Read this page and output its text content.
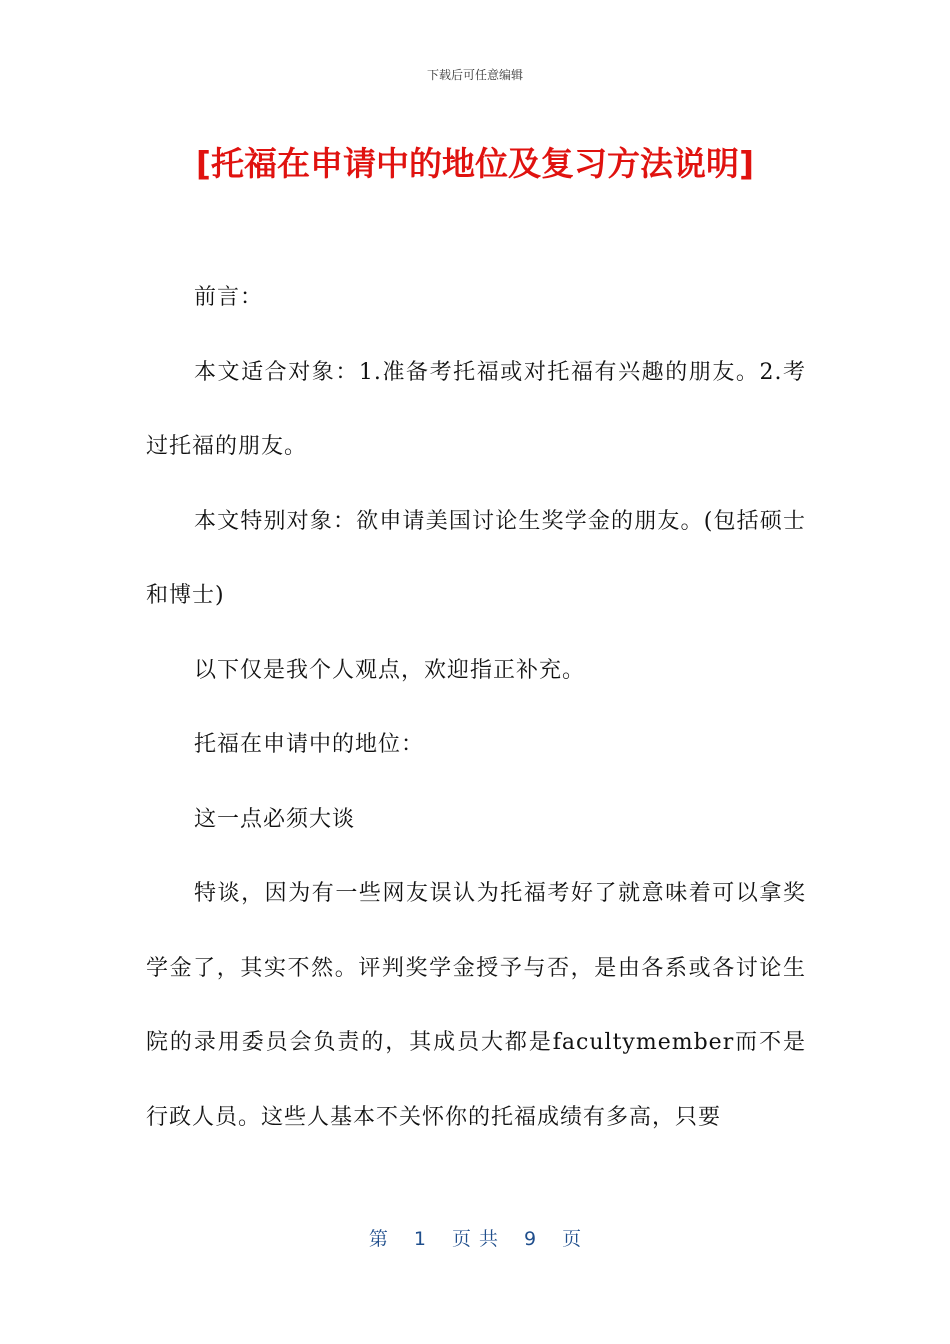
下载后可任意编辑
[托福在申请中的地位及复习方法说明]

前言：

本文适合对象：1.准备考托福或对托福有兴趣的朋友。2.考过托福的朋友。

本文特别对象：欲申请美国讨论生奖学金的朋友。(包括硕士和博士)

以下仅是我个人观点，欢迎指正补充。

托福在申请中的地位：

这一点必须大谈

特谈，因为有一些网友误认为托福考好了就意味着可以拿奖学金了，其实不然。评判奖学金授予与否，是由各系或各讨论生院的录用委员会负责的，其成员大都是facultymember而不是行政人员。这些人基本不关怀你的托福成绩有多高，只要

第 1 页 共 9 页
